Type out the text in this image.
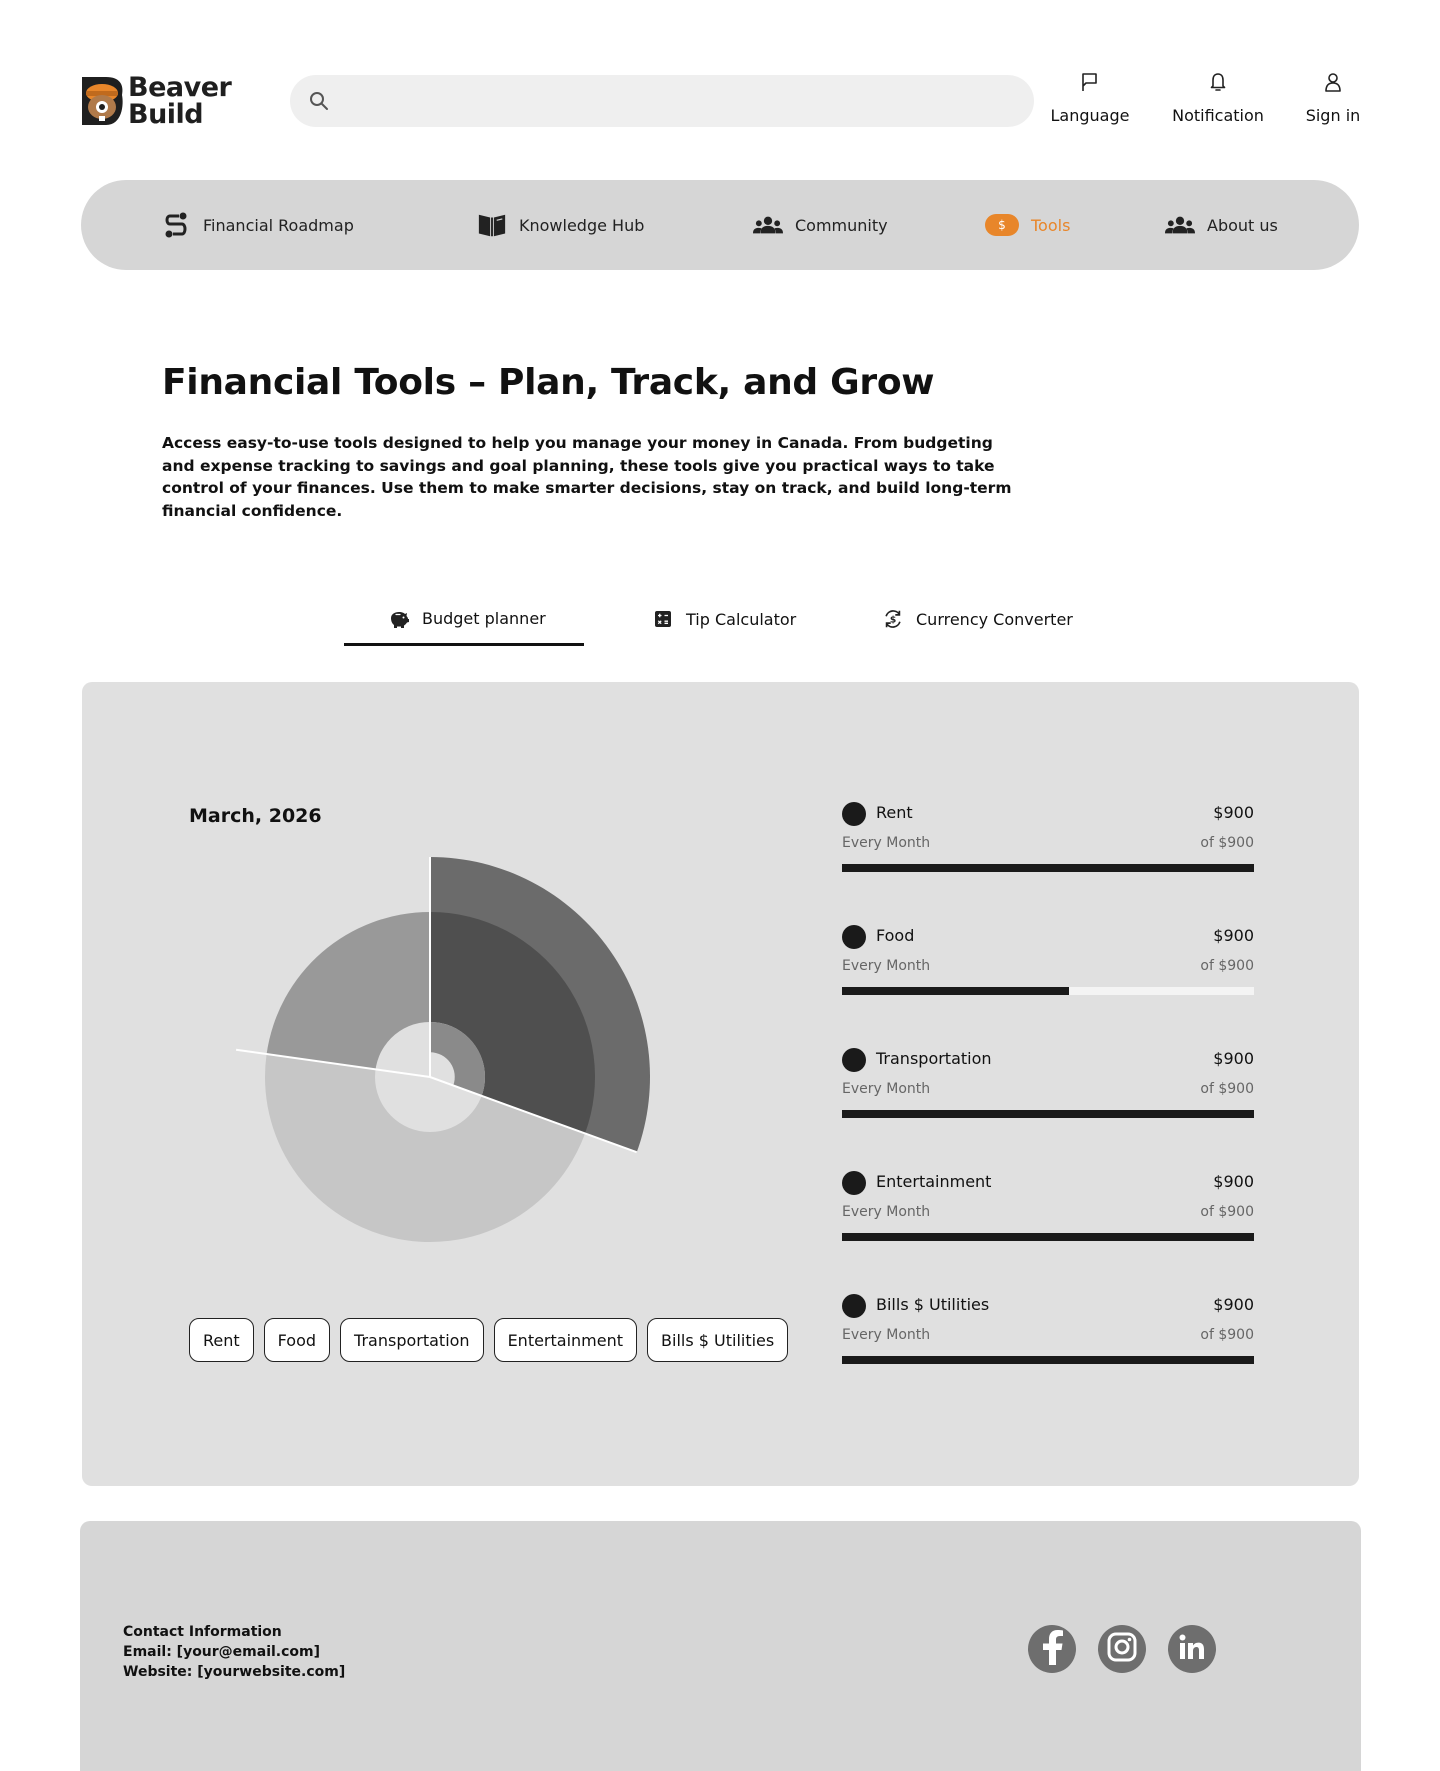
Beaver
Build	Language	Notification	Sign in
Financial Roadmap	Knowledge Hub	Community	$	Tools	About us
Financial Tools – Plan, Track, and Grow

Access easy-to-use tools designed to help you manage your money in Canada. From budgeting and expense tracking to savings and goal planning, these tools give you practical ways to take control of your finances. Use them to make smarter decisions, stay on track, and build long-term financial confidence.

Budget planner	Tip Calculator	$ Currency Converter
March, 2026
Rent	Food	Transportation	Entertainment	Bills $ Utilities
Rent	$900
Every Month	of $900
Food	$900
Every Month	of $900
Transportation	$900
Every Month	of $900
Entertainment	$900
Every Month	of $900
Bills $ Utilities	$900
Every Month	of $900
Contact Information
Email: [your@email.com]
Website: [yourwebsite.com]
